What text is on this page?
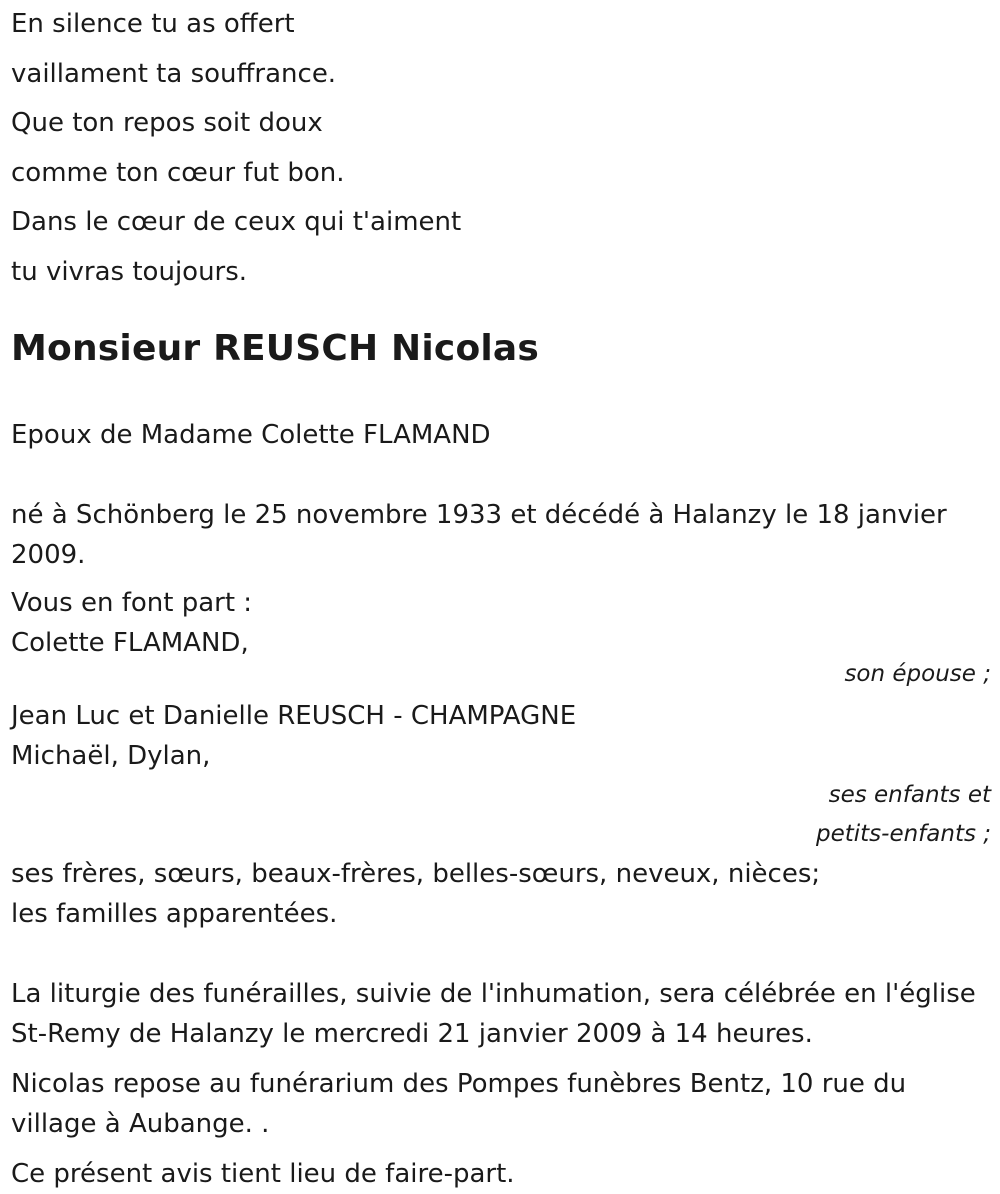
En silence tu as offert

vaillament ta souffrance.

Que ton repos soit doux

comme ton cœur fut bon.

Dans le cœur de ceux qui t'aiment

tu vivras toujours.

Monsieur REUSCH Nicolas

Epoux de Madame Colette FLAMAND

né à Schönberg le 25 novembre 1933 et décédé à Halanzy le 18 janvier 2009.

Vous en font part :

Colette FLAMAND,

son épouse ;

Jean Luc et Danielle REUSCH - CHAMPAGNE

Michaël, Dylan,

ses enfants et

petits-enfants ;

ses frères, sœurs, beaux-frères, belles-sœurs, neveux, nièces;

les familles apparentées.

La liturgie des funérailles, suivie de l'inhumation, sera célébrée en l'église St-Remy de Halanzy le mercredi 21 janvier 2009 à 14 heures.

Nicolas repose au funérarium des Pompes funèbres Bentz, 10 rue du village à Aubange. .

Ce présent avis tient lieu de faire-part.
